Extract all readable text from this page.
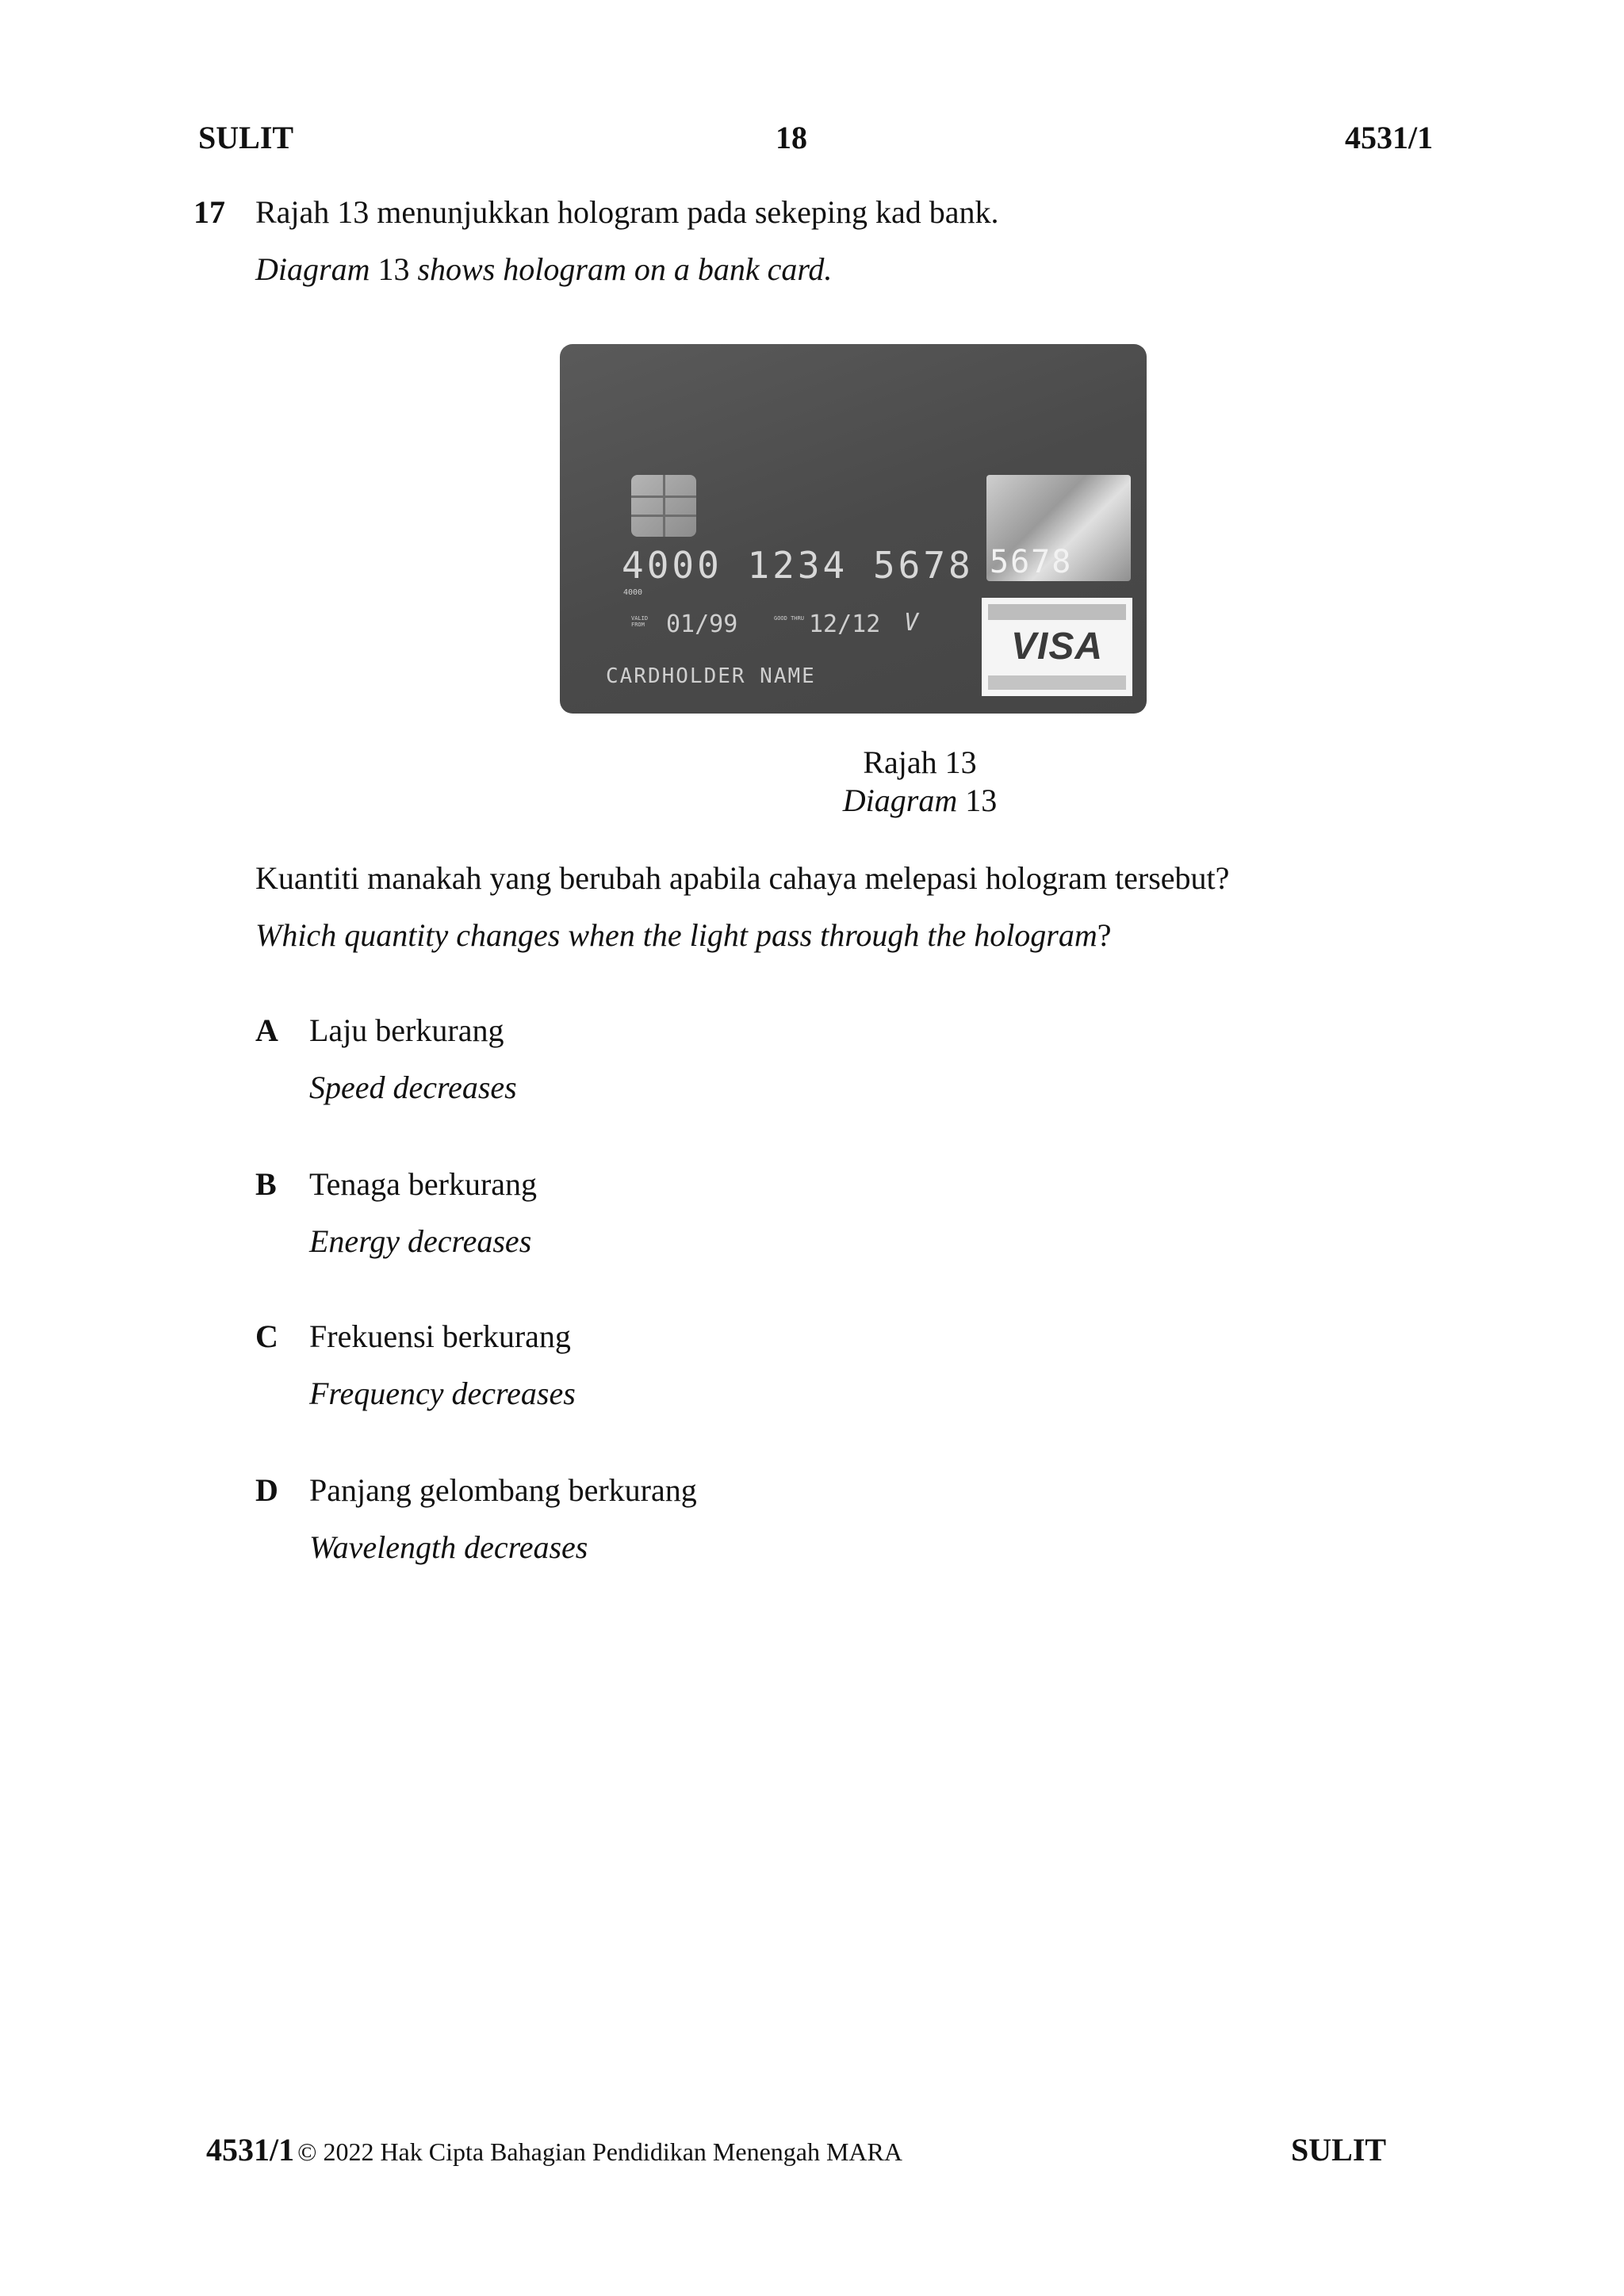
SULIT	18	4531/1
17 Rajah 13 menunjukkan hologram pada sekeping kad bank.
Diagram 13 shows hologram on a bank card.
5678
4000 1234 5678
4000
VALID FROM 01/99	GOOD THRU 12/12 V
CARDHOLDER NAME
VISA
Rajah 13
Diagram 13
Kuantiti manakah yang berubah apabila cahaya melepasi hologram tersebut?
Which quantity changes when the light pass through the hologram?
A Laju berkurang
Speed decreases
B Tenaga berkurang
Energy decreases
C Frekuensi berkurang
Frequency decreases
D Panjang gelombang berkurang
Wavelength decreases
4531/1 © 2022 Hak Cipta Bahagian Pendidikan Menengah MARA	SULIT
